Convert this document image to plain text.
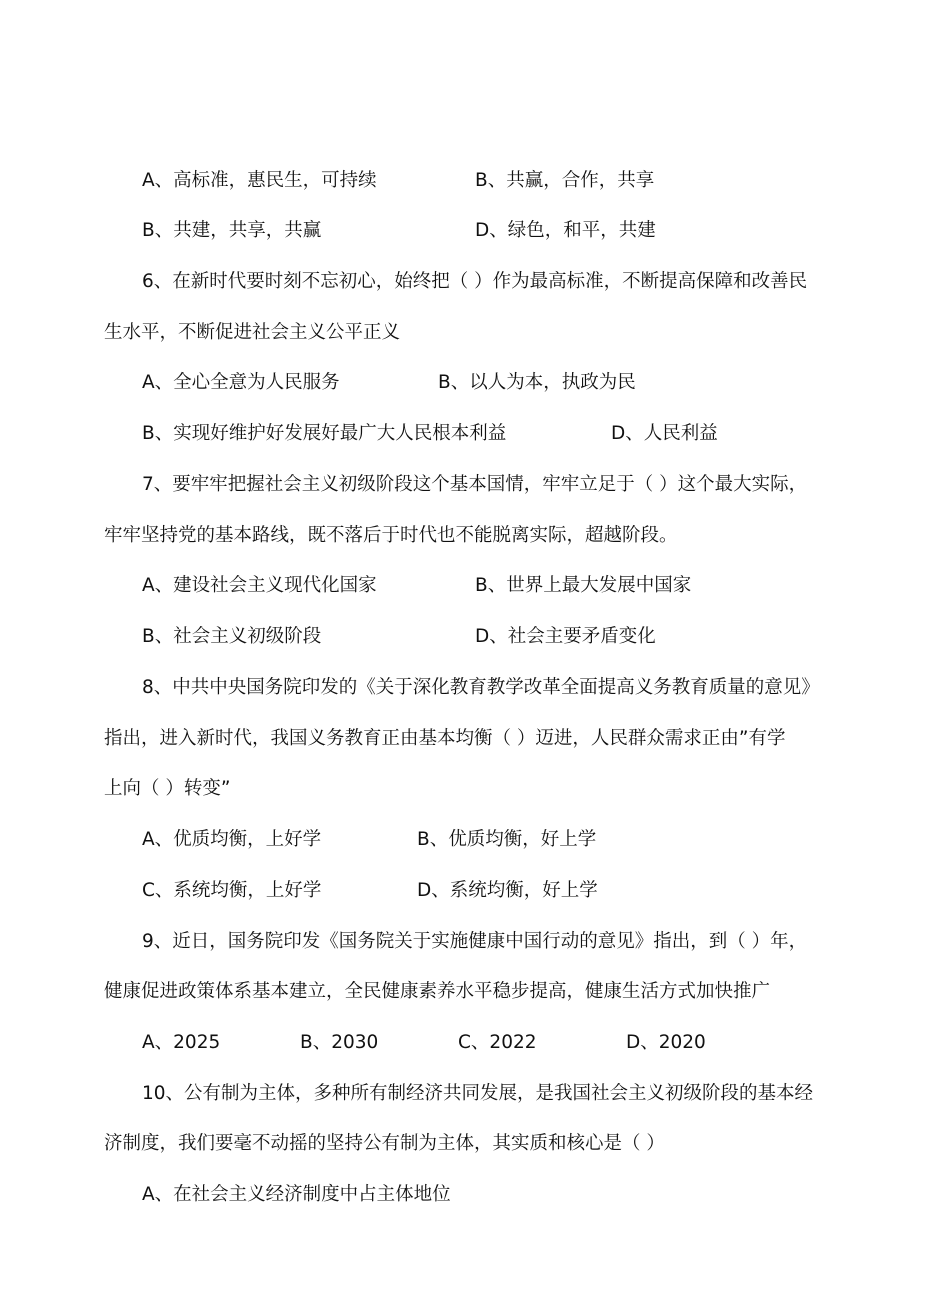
A、高标准，惠民生，可持续	B、共赢，合作，共享
B、共建，共享，共赢	D、绿色，和平，共建
6、在新时代要时刻不忘初心，始终把（ ）作为最高标准，不断提高保障和改善民
生水平，不断促进社会主义公平正义
A、全心全意为人民服务	B、以人为本，执政为民
B、实现好维护好发展好最广大人民根本利益	D、人民利益
7、要牢牢把握社会主义初级阶段这个基本国情，牢牢立足于（ ）这个最大实际，
牢牢坚持党的基本路线，既不落后于时代也不能脱离实际，超越阶段。
A、建设社会主义现代化国家	B、世界上最大发展中国家
B、社会主义初级阶段	D、社会主要矛盾变化
8、中共中央国务院印发的《关于深化教育教学改革全面提高义务教育质量的意见》
指出，进入新时代，我国义务教育正由基本均衡（ ）迈进，人民群众需求正由”有学
上向（ ）转变”
A、优质均衡，上好学	B、优质均衡，好上学
C、系统均衡，上好学	D、系统均衡，好上学
9、近日，国务院印发《国务院关于实施健康中国行动的意见》指出，到（ ）年，
健康促进政策体系基本建立，全民健康素养水平稳步提高，健康生活方式加快推广
A、2025	B、2030	C、2022	D、2020
10、公有制为主体，多种所有制经济共同发展，是我国社会主义初级阶段的基本经
济制度，我们要毫不动摇的坚持公有制为主体，其实质和核心是（ ）
A、在社会主义经济制度中占主体地位
